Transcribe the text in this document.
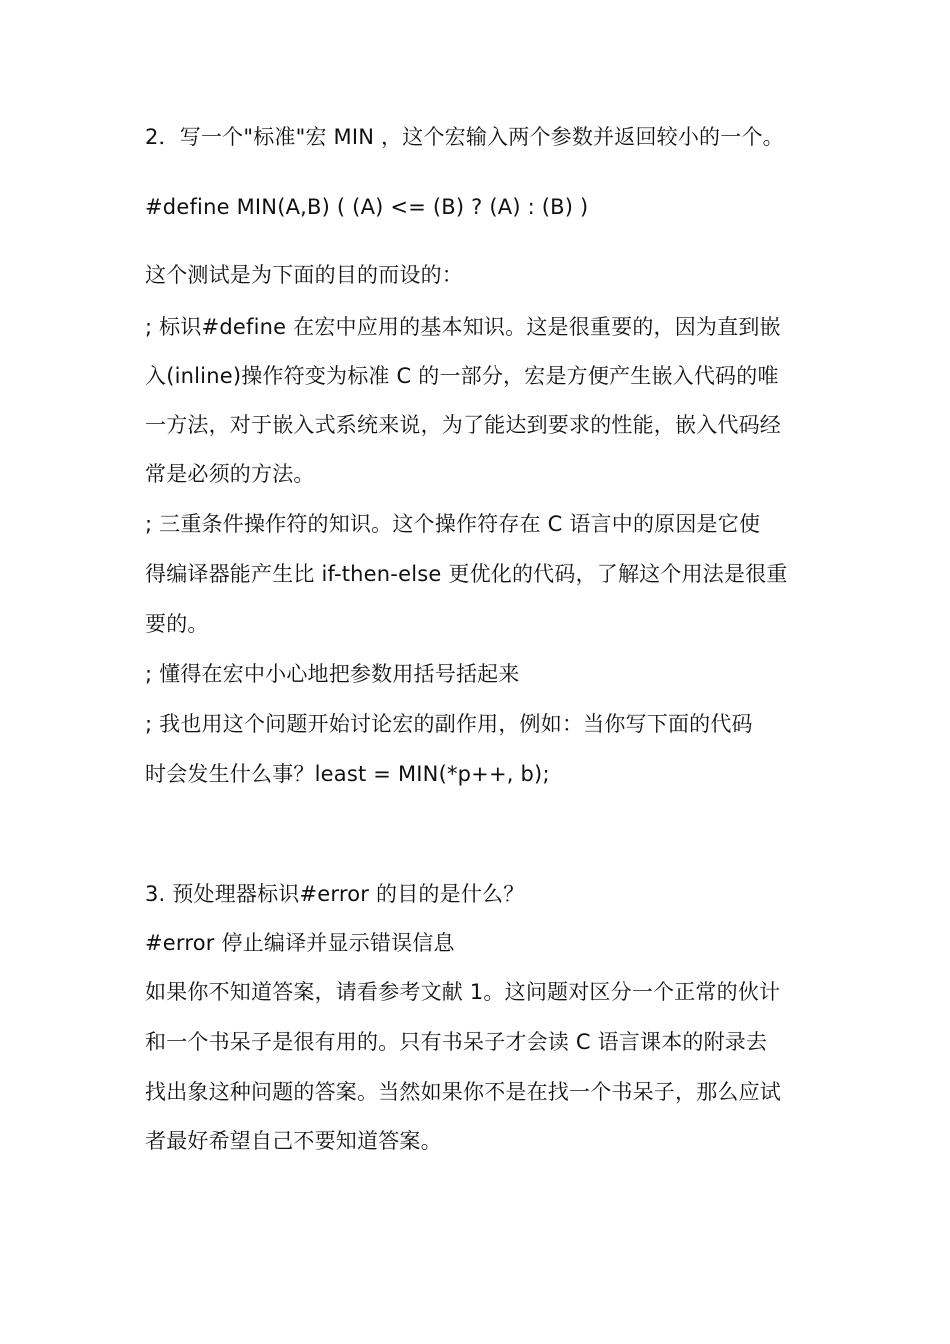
2．写一个"标准"宏 MIN ，这个宏输入两个参数并返回较小的一个。
#define MIN(A,B) ( (A) <= (B) ? (A) : (B) )
这个测试是为下面的目的而设的：
; 标识#define 在宏中应用的基本知识。这是很重要的，因为直到嵌
入(inline)操作符变为标准 C 的一部分，宏是方便产生嵌入代码的唯
一方法，对于嵌入式系统来说，为了能达到要求的性能，嵌入代码经
常是必须的方法。
; 三重条件操作符的知识。这个操作符存在 C 语言中的原因是它使
得编译器能产生比 if-then-else 更优化的代码，了解这个用法是很重
要的。
; 懂得在宏中小心地把参数用括号括起来
; 我也用这个问题开始讨论宏的副作用，例如：当你写下面的代码
时会发生什么事？least = MIN(*p++, b);
3. 预处理器标识#error 的目的是什么？
#error 停止编译并显示错误信息
如果你不知道答案，请看参考文献 1。这问题对区分一个正常的伙计
和一个书呆子是很有用的。只有书呆子才会读 C 语言课本的附录去
找出象这种问题的答案。当然如果你不是在找一个书呆子，那么应试
者最好希望自己不要知道答案。
